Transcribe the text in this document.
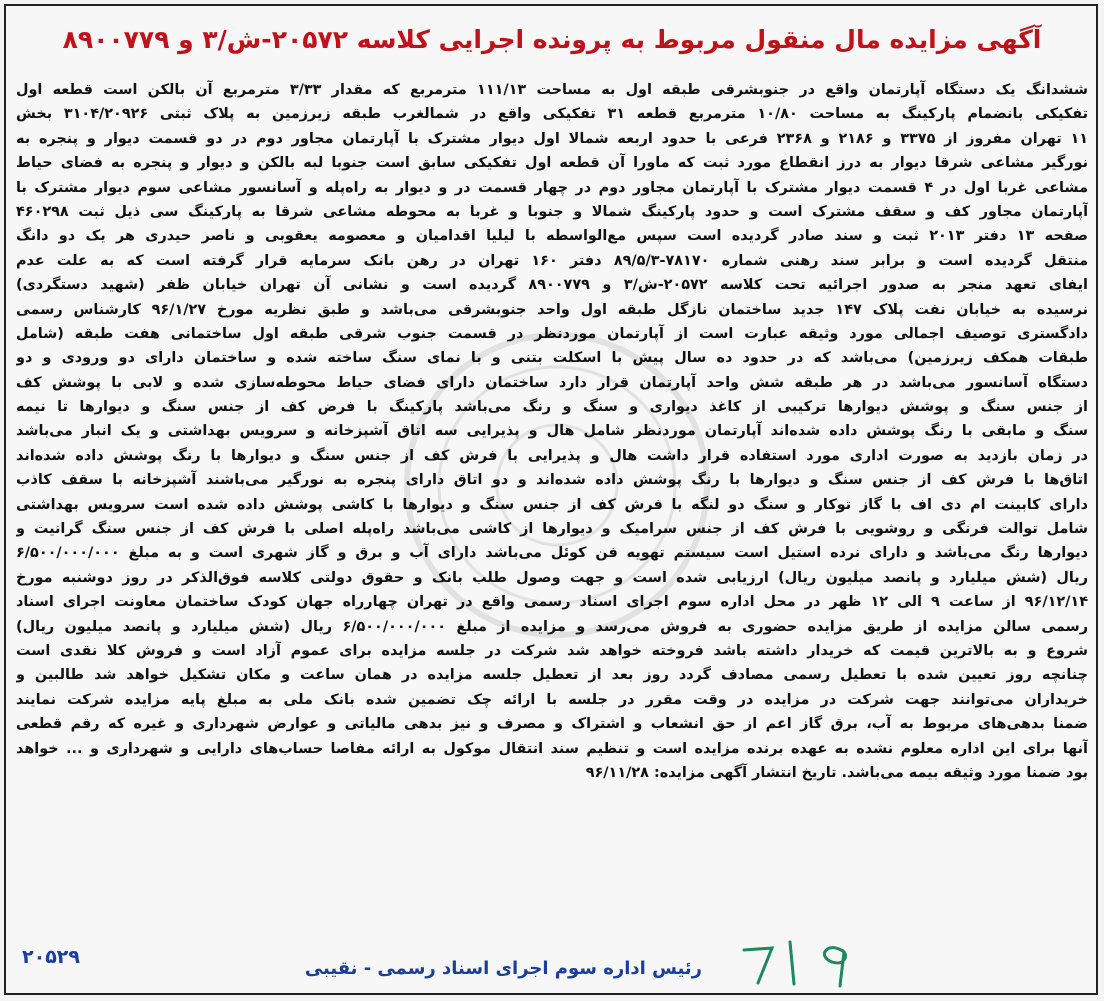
آگهی مزایده مال منقول مربوط به پرونده اجرایی کلاسه ۲۰۵۷۲-ش/۳ و ۸۹۰۰۷۷۹
ششدانگ یک دستگاه آپارتمان واقع در جنوبشرقی طبقه اول به مساحت ۱۱۱/۱۳ مترمربع که مقدار ۳/۳۳ مترمربع آن بالکن است قطعه اول
تفکیکی بانضمام پارکینگ به مساحت ۱۰/۸۰ مترمربع قطعه ۳۱ تفکیکی واقع در شمالغرب طبقه زیرزمین به پلاک ثبتی ۳۱۰۴/۲۰۹۲۶ بخش
۱۱ تهران مفروز از ۳۳۷۵ و ۲۱۸۶ و ۲۳۶۸ فرعی با حدود اربعه شمالا اول دیوار مشترک با آپارتمان مجاور دوم در دو قسمت دیوار و پنجره به
نورگیر مشاعی شرقا دیوار به درز انقطاع مورد ثبت که ماورا آن قطعه اول تفکیکی سابق است جنوبا لبه بالکن و دیوار و پنجره به فضای حیاط
مشاعی غربا اول در ۴ قسمت دیوار مشترک با آپارتمان مجاور دوم در چهار قسمت در و دیوار به راه‌پله و آسانسور مشاعی سوم دیوار مشترک با
آپارتمان مجاور کف و سقف مشترک است و حدود پارکینگ شمالا و جنوبا و غربا به محوطه مشاعی شرقا به پارکینگ سی ذیل ثبت ۴۶۰۲۹۸
صفحه ۱۳ دفتر ۲۰۱۳ ثبت و سند صادر گردیده است سپس مع‌الواسطه با لیلیا اقدامیان و معصومه یعقوبی و ناصر حیدری هر یک دو دانگ
منتقل گردیده است و برابر سند رهنی شماره ۷۸۱۷۰-۸۹/۵/۳ دفتر ۱۶۰ تهران در رهن بانک سرمایه قرار گرفته است که به علت عدم
ایفای تعهد منجر به صدور اجرائیه تحت کلاسه ۲۰۵۷۲-ش/۳ و ۸۹۰۰۷۷۹ گردیده است و نشانی آن تهران خیابان ظفر (شهید دستگردی)
نرسیده به خیابان نفت پلاک ۱۴۷ جدید ساختمان نازگل طبقه اول واحد جنوبشرقی می‌باشد و طبق نظریه مورخ ۹۶/۱/۲۷ کارشناس رسمی
دادگستری توصیف اجمالی مورد وثیقه عبارت است از آپارتمان موردنظر در قسمت جنوب شرقی طبقه اول ساختمانی هفت طبقه (شامل
طبقات همکف زیرزمین) می‌باشد که در حدود ده سال پیش با اسکلت بتنی و با نمای سنگ ساخته شده و ساختمان دارای دو ورودی و دو
دستگاه آسانسور می‌باشد در هر طبقه شش واحد آپارتمان قرار دارد ساختمان دارای فضای حیاط محوطه‌سازی شده و لابی با پوشش کف
از جنس سنگ و پوشش دیوارها ترکیبی از کاغذ دیواری و سنگ و رنگ می‌باشد پارکینگ با فرض کف از جنس سنگ و دیوارها تا نیمه
سنگ و مابقی با رنگ پوشش داده شده‌اند آپارتمان موردنظر شامل هال و پذیرایی سه اتاق آشپزخانه و سرویس بهداشتی و یک انبار می‌باشد
در زمان بازدید به صورت اداری مورد استفاده قرار داشت هال و پذیرایی با فرش کف از جنس سنگ و دیوارها با رنگ پوشش داده شده‌اند
اتاق‌ها با فرش کف از جنس سنگ و دیوارها با رنگ پوشش داده شده‌اند و دو اتاق دارای پنجره به نورگیر می‌باشند آشپزخانه با سقف کاذب
دارای کابینت ام دی اف با گاز توکار و سنگ دو لنگه با فرش کف از جنس سنگ و دیوارها با کاشی پوشش داده شده است سرویس بهداشتی
شامل توالت فرنگی و روشویی با فرش کف از جنس سرامیک و دیوارها از کاشی می‌باشد راه‌پله اصلی با فرش کف از جنس سنگ گرانیت و
دیوارها رنگ می‌باشد و دارای نرده استیل است سیستم تهویه فن کوئل می‌باشد دارای آب و برق و گاز شهری است و به مبلغ ۶/۵۰۰/۰۰۰/۰۰۰
ریال (شش میلیارد و پانصد میلیون ریال) ارزیابی شده است و جهت وصول طلب بانک و حقوق دولتی کلاسه فوق‌الذکر در روز دوشنبه مورخ
۹۶/۱۲/۱۴ از ساعت ۹ الی ۱۲ ظهر در محل اداره سوم اجرای اسناد رسمی واقع در تهران چهارراه جهان کودک ساختمان معاونت اجرای اسناد
رسمی سالن مزایده از طریق مزایده حضوری به فروش می‌رسد و مزایده از مبلغ ۶/۵۰۰/۰۰۰/۰۰۰ ریال (شش میلیارد و پانصد میلیون ریال)
شروع و به بالاترین قیمت که خریدار داشته باشد فروخته خواهد شد شرکت در جلسه مزایده برای عموم آزاد است و فروش کلا نقدی است
چنانچه روز تعیین شده با تعطیل رسمی مصادف گردد روز بعد از تعطیل جلسه مزایده در همان ساعت و مکان تشکیل خواهد شد طالبین و
خریداران می‌توانند جهت شرکت در مزایده در وقت مقرر در جلسه با ارائه چک تضمین شده بانک ملی به مبلغ پایه مزایده شرکت نمایند
ضمنا بدهی‌های مربوط به آب، برق گاز اعم از حق انشعاب و اشتراک و مصرف و نیز بدهی مالیاتی و عوارض شهرداری و غیره که رقم قطعی
آنها برای این اداره معلوم نشده به عهده برنده مزایده است و تنظیم سند انتقال موکول به ارائه مفاصا حساب‌های دارایی و شهرداری و ... خواهد
بود ضمنا مورد وثیقه بیمه می‌باشد. تاریخ انتشار آگهی مزایده: ۹۶/۱۱/۲۸
رئیس اداره سوم اجرای اسناد رسمی - نقیبی
۲۰۵۲۹
